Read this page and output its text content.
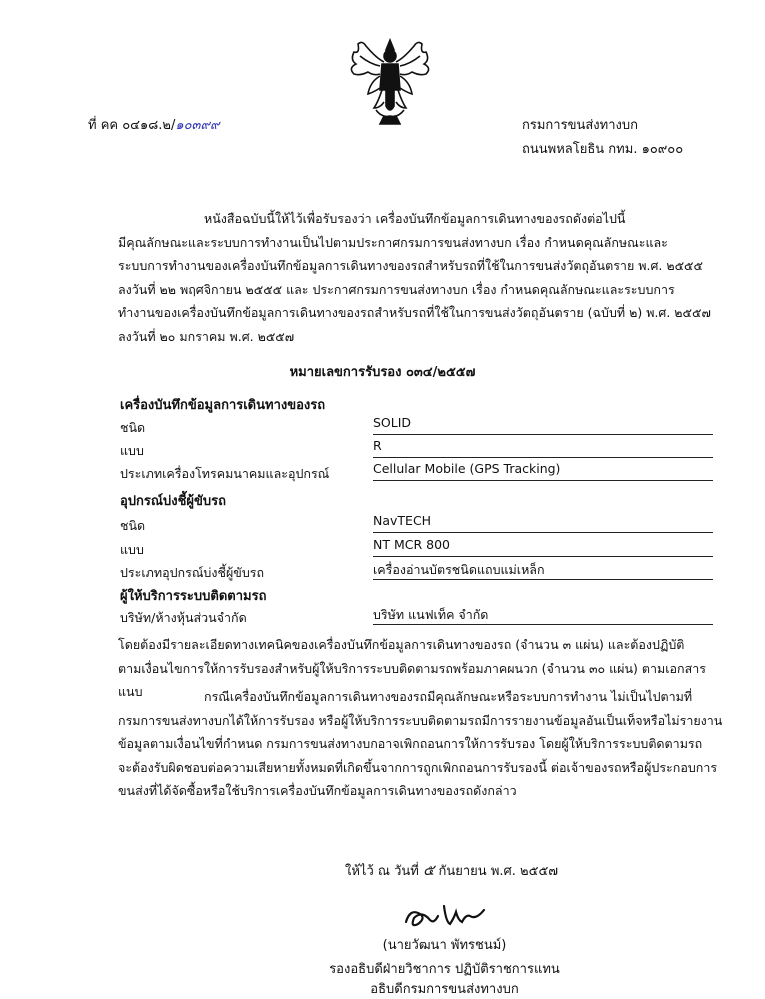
ที่ คค ๐๔๑๘.๒/๑๐๓๙๙	กรมการขนส่งทางบก
ถนนพหลโยธิน กทม. ๑๐๙๐๐

หนังสือฉบับนี้ให้ไว้เพื่อรับรองว่า เครื่องบันทึกข้อมูลการเดินทางของรถดังต่อไปนี้

มีคุณลักษณะและระบบการทำงานเป็นไปตามประกาศกรมการขนส่งทางบก เรื่อง กำหนดคุณลักษณะและ

ระบบการทำงานของเครื่องบันทึกข้อมูลการเดินทางของรถสำหรับรถที่ใช้ในการขนส่งวัตถุอันตราย พ.ศ. ๒๕๕๕

ลงวันที่ ๒๒ พฤศจิกายน ๒๕๕๕ และ ประกาศกรมการขนส่งทางบก เรื่อง กำหนดคุณลักษณะและระบบการ

ทำงานของเครื่องบันทึกข้อมูลการเดินทางของรถสำหรับรถที่ใช้ในการขนส่งวัตถุอันตราย (ฉบับที่ ๒) พ.ศ. ๒๕๕๗

ลงวันที่ ๒๐ มกราคม พ.ศ. ๒๕๕๗

หมายเลขการรับรอง ๐๓๔/๒๕๕๗
เครื่องบันทึกข้อมูลการเดินทางของรถ
ชนิด	SOLID
แบบ	R
ประเภทเครื่องโทรคมนาคมและอุปกรณ์	Cellular Mobile (GPS Tracking)
อุปกรณ์บ่งชี้ผู้ขับรถ
ชนิด	NavTECH
แบบ	NT MCR 800
ประเภทอุปกรณ์บ่งชี้ผู้ขับรถ	เครื่องอ่านบัตรชนิดแถบแม่เหล็ก
ผู้ให้บริการระบบติดตามรถ
บริษัท/ห้างหุ้นส่วนจำกัด	บริษัท แนฟเท็ค จำกัด

โดยต้องมีรายละเอียดทางเทคนิคของเครื่องบันทึกข้อมูลการเดินทางของรถ (จำนวน ๓ แผ่น) และต้องปฏิบัติ

ตามเงื่อนไขการให้การรับรองสำหรับผู้ให้บริการระบบติดตามรถพร้อมภาคผนวก (จำนวน ๓๐ แผ่น) ตามเอกสารแนบ	กรณีเครื่องบันทึกข้อมูลการเดินทางของรถมีคุณลักษณะหรือระบบการทำงาน ไม่เป็นไปตามที่

กรมการขนส่งทางบกได้ให้การรับรอง หรือผู้ให้บริการระบบติดตามรถมีการรายงานข้อมูลอันเป็นเท็จหรือไม่รายงาน

ข้อมูลตามเงื่อนไขที่กำหนด กรมการขนส่งทางบกอาจเพิกถอนการให้การรับรอง โดยผู้ให้บริการระบบติดตามรถ

จะต้องรับผิดชอบต่อความเสียหายทั้งหมดที่เกิดขึ้นจากการถูกเพิกถอนการรับรองนี้ ต่อเจ้าของรถหรือผู้ประกอบการ

ขนส่งที่ได้จัดซื้อหรือใช้บริการเครื่องบันทึกข้อมูลการเดินทางของรถดังกล่าว

ให้ไว้ ณ วันที่ ๕ กันยายน พ.ศ. ๒๕๕๗
(นายวัฒนา พัทรชนม์)
รองอธิบดีฝ่ายวิชาการ ปฏิบัติราชการแทน
อธิบดีกรมการขนส่งทางบก
